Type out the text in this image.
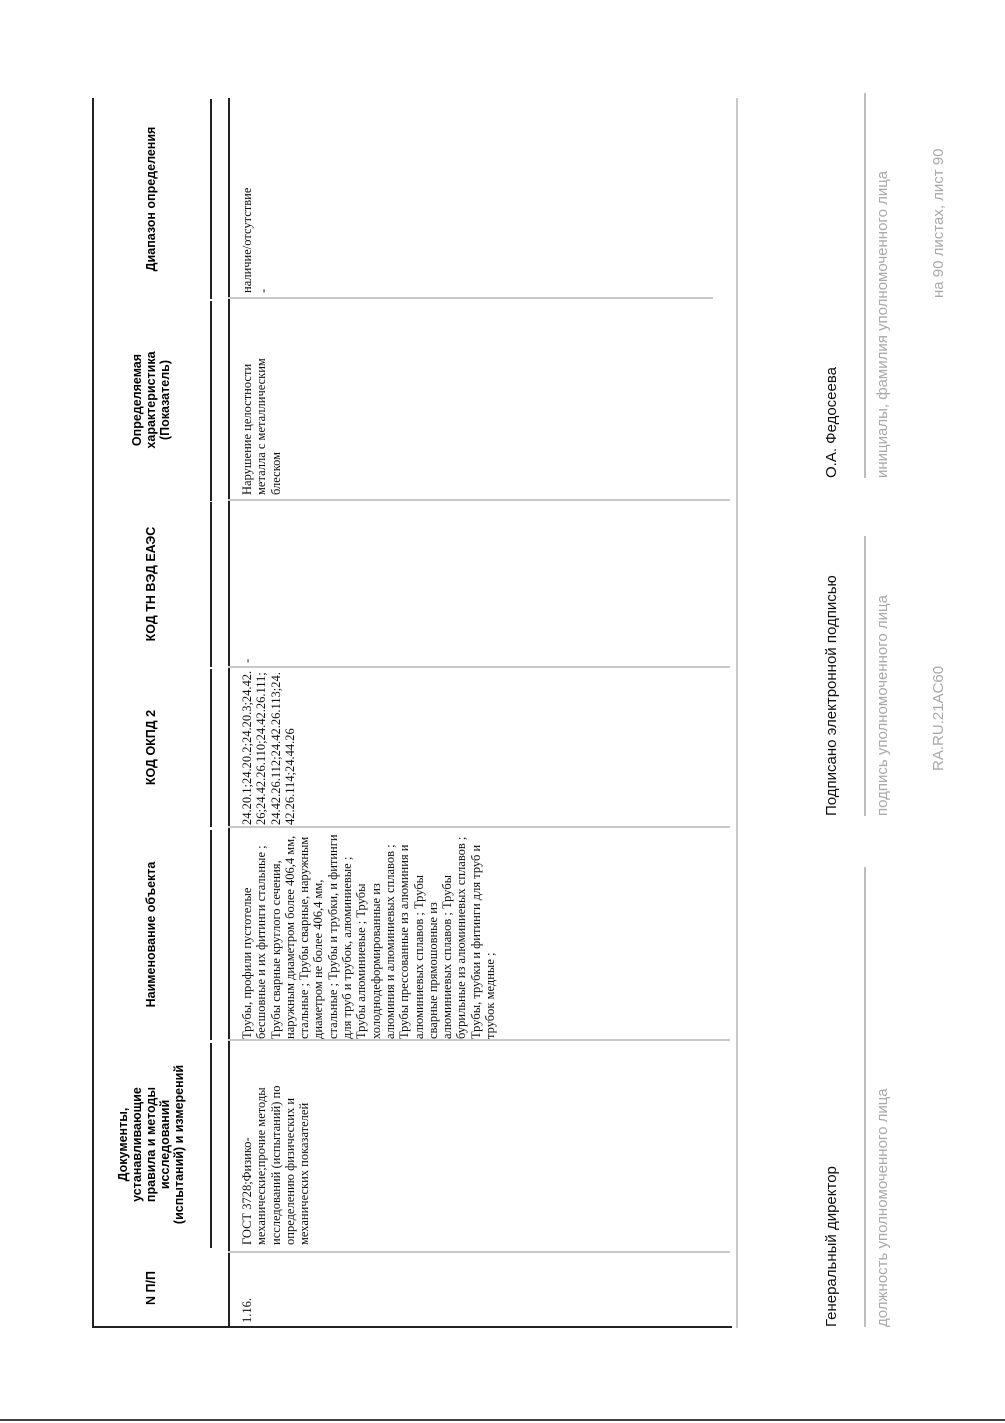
N П/П
Документы, устанавливающие правила и методы исследований (испытаний) и измерений
Наименование объекта
КОД ОКПД 2
КОД ТН ВЭД ЕАЭС
Определяемая характеристика (Показатель)
Диапазон определения
1.16.
ГОСТ 3728;Физико-механические;прочие методы исследований (испытаний) по определению физических и механических показателей
Трубы, профили пустотелые бесшовные и их фитинги стальные ; Трубы сварные круглого сечения, наружным диаметром более 406,4 мм, стальные ; Трубы сварные, наружным диаметром не более 406,4 мм, стальные ; Трубы и трубки, и фитинги для труб и трубок, алюминиевые ; Трубы алюминиевые ; Трубы холоднодеформированные из алюминия и алюминиевых сплавов ; Трубы прессованные из алюминия и алюминиевых сплавов ; Трубы сварные прямошовные из алюминиевых сплавов ; Трубы бурильные из алюминиевых сплавов ; Трубы, трубки и фитинги для труб и трубок медные ;
24.20.1;24.20.2;24.20.3;24.42.26;24.42.26.110;24.42.26.111;24.42.26.112;24.42.26.113;24.42.26.114;24.44.26
-
Нарушение целостности металла с металлическим блеском
наличие/отсутствие -
Генеральный директор должность уполномоченного лица
Подписано электронной подписью подпись уполномоченного лица
О.А. Федосеева инициалы, фамилия уполномоченного лица
RA.RU.21AC60
на 90 листах, лист 90
